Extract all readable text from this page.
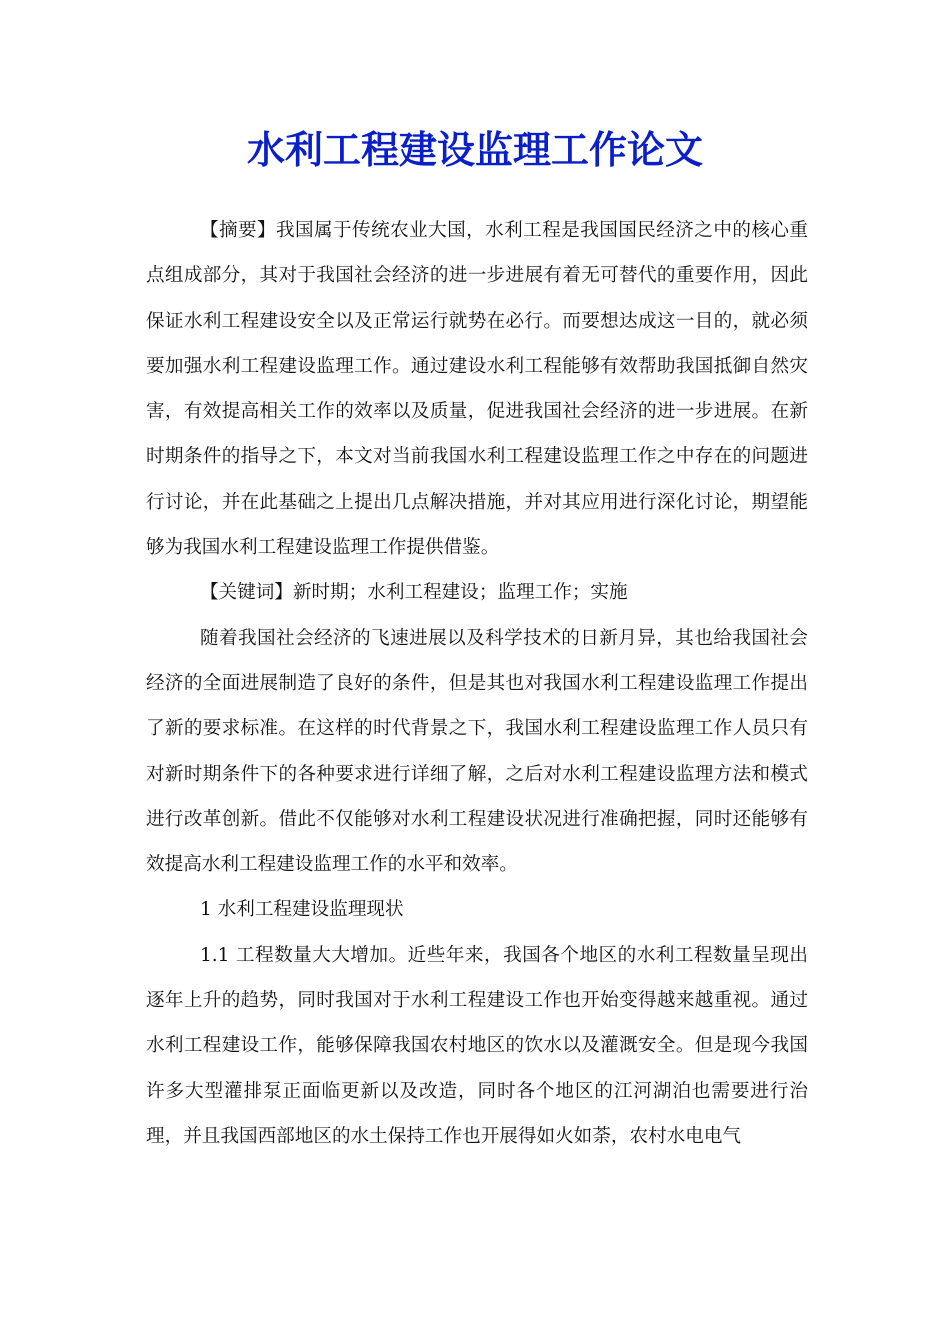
水利工程建设监理工作论文

【摘要】我国属于传统农业大国，水利工程是我国国民经济之中的核心重点组成部分，其对于我国社会经济的进一步进展有着无可替代的重要作用，因此保证水利工程建设安全以及正常运行就势在必行。而要想达成这一目的，就必须要加强水利工程建设监理工作。通过建设水利工程能够有效帮助我国抵御自然灾害，有效提高相关工作的效率以及质量，促进我国社会经济的进一步进展。在新时期条件的指导之下，本文对当前我国水利工程建设监理工作之中存在的问题进行讨论，并在此基础之上提出几点解决措施，并对其应用进行深化讨论，期望能够为我国水利工程建设监理工作提供借鉴。

【关键词】新时期；水利工程建设；监理工作；实施

随着我国社会经济的飞速进展以及科学技术的日新月异，其也给我国社会经济的全面进展制造了良好的条件，但是其也对我国水利工程建设监理工作提出了新的要求标准。在这样的时代背景之下，我国水利工程建设监理工作人员只有对新时期条件下的各种要求进行详细了解，之后对水利工程建设监理方法和模式进行改革创新。借此不仅能够对水利工程建设状况进行准确把握，同时还能够有效提高水利工程建设监理工作的水平和效率。

1 水利工程建设监理现状

1.1 工程数量大大增加。近些年来，我国各个地区的水利工程数量呈现出逐年上升的趋势，同时我国对于水利工程建设工作也开始变得越来越重视。通过水利工程建设工作，能够保障我国农村地区的饮水以及灌溉安全。但是现今我国许多大型灌排泵正面临更新以及改造，同时各个地区的江河湖泊也需要进行治理，并且我国西部地区的水土保持工作也开展得如火如荼，农村水电电气
